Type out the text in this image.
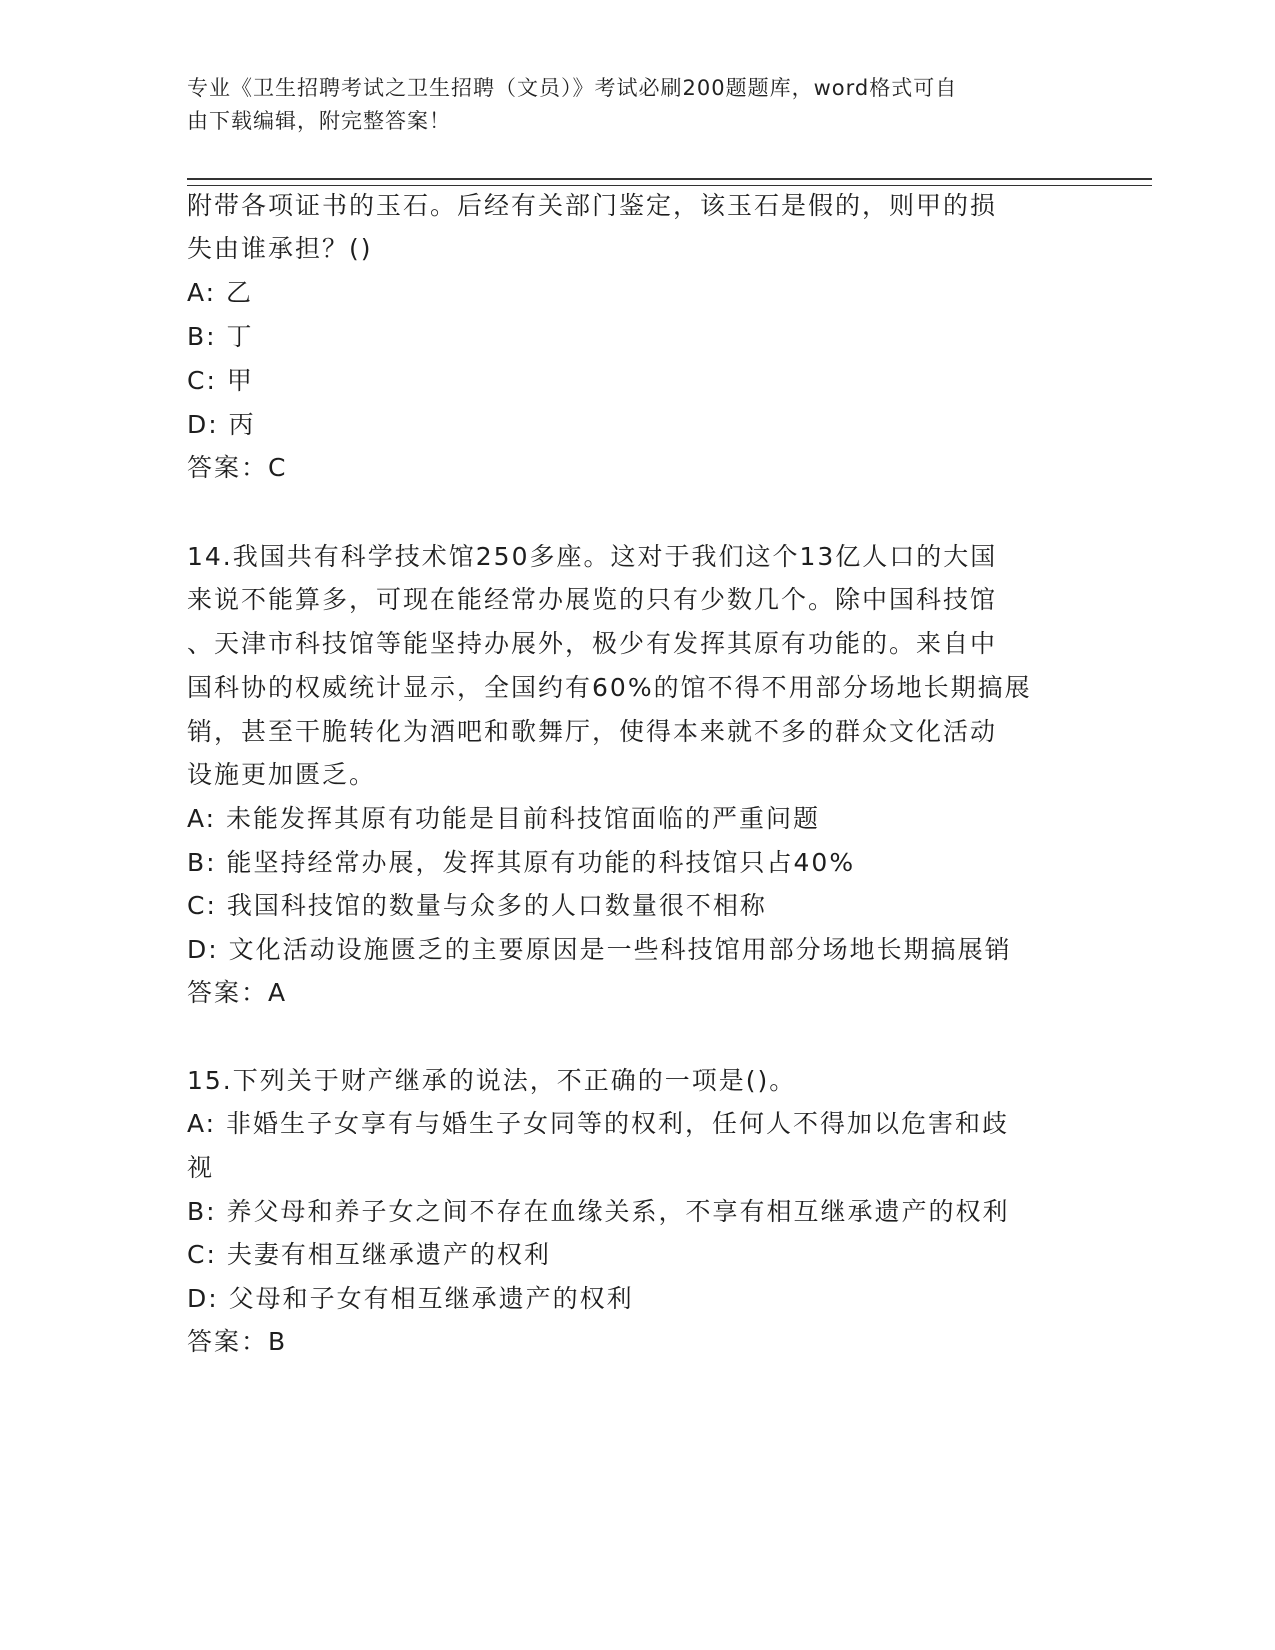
专业《卫生招聘考试之卫生招聘（文员）》考试必刷200题题库，word格式可自
由下载编辑，附完整答案！
附带各项证书的玉石。后经有关部门鉴定，该玉石是假的，则甲的损
失由谁承担？()
A: 乙
B: 丁
C: 甲
D: 丙
答案：C
14.我国共有科学技术馆250多座。这对于我们这个13亿人口的大国
来说不能算多，可现在能经常办展览的只有少数几个。除中国科技馆
、天津市科技馆等能坚持办展外，极少有发挥其原有功能的。来自中
国科协的权威统计显示，全国约有60%的馆不得不用部分场地长期搞展
销，甚至干脆转化为酒吧和歌舞厅，使得本来就不多的群众文化活动
设施更加匮乏。
A: 未能发挥其原有功能是目前科技馆面临的严重问题
B: 能坚持经常办展，发挥其原有功能的科技馆只占40%
C: 我国科技馆的数量与众多的人口数量很不相称
D: 文化活动设施匮乏的主要原因是一些科技馆用部分场地长期搞展销
答案：A
15.下列关于财产继承的说法，不正确的一项是()。
A: 非婚生子女享有与婚生子女同等的权利，任何人不得加以危害和歧
视
B: 养父母和养子女之间不存在血缘关系，不享有相互继承遗产的权利
C: 夫妻有相互继承遗产的权利
D: 父母和子女有相互继承遗产的权利
答案：B
